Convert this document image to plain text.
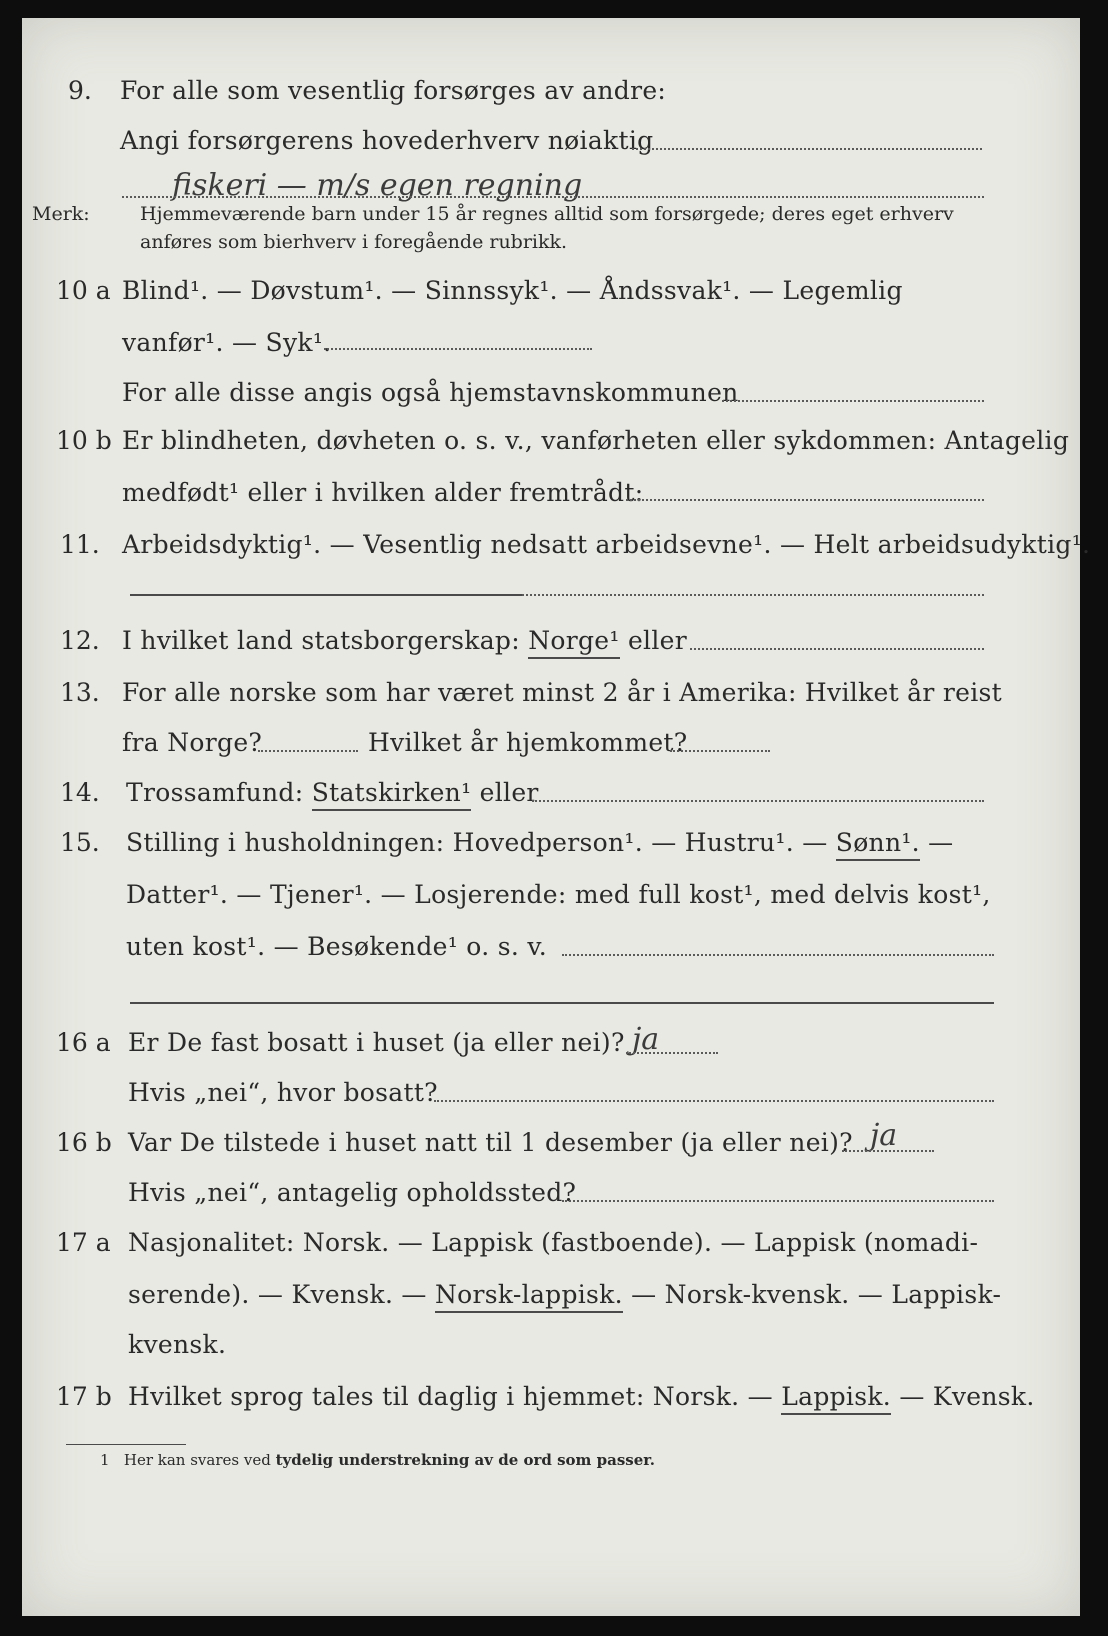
9. For alle som vesentlig forsørges av andre:
Angi forsørgerens hovederhverv nøiaktig
fiskeri — m/s egen regning
Merk:	Hjemmeværende barn under 15 år regnes alltid som forsørgede; deres eget erhverv
anføres som bierhverv i foregående rubrikk.
10 a Blind¹. — Døvstum¹. — Sinnssyk¹. — Åndssvak¹. — Legemlig
vanfør¹. — Syk¹.
For alle disse angis også hjemstavnskommunen
10 b Er blindheten, døvheten o. s. v., vanførheten eller sykdommen: Antagelig
medfødt¹ eller i hvilken alder fremtrådt:
11. Arbeidsdyktig¹. — Vesentlig nedsatt arbeidsevne¹. — Helt arbeidsudyktig¹.
12. I hvilket land statsborgerskap: Norge¹ eller
13. For alle norske som har været minst 2 år i Amerika: Hvilket år reist
fra Norge?	Hvilket år hjemkommet?
14. Trossamfund: Statskirken¹ eller
15. Stilling i husholdningen: Hovedperson¹. — Hustru¹. — Sønn¹. —
Datter¹. — Tjener¹. — Losjerende: med full kost¹, med delvis kost¹,
uten kost¹. — Besøkende¹ o. s. v.
16 a Er De fast bosatt i huset (ja eller nei)? ja
Hvis „nei“, hvor bosatt?
16 b Var De tilstede i huset natt til 1 desember (ja eller nei)? ja
Hvis „nei“, antagelig opholdssted?
17 a Nasjonalitet: Norsk. — Lappisk (fastboende). — Lappisk (nomadi-
serende). — Kvensk. — Norsk-lappisk. — Norsk-kvensk. — Lappisk-
kvensk.
17 b Hvilket sprog tales til daglig i hjemmet: Norsk. — Lappisk. — Kvensk.
1 Her kan svares ved tydelig understrekning av de ord som passer.
